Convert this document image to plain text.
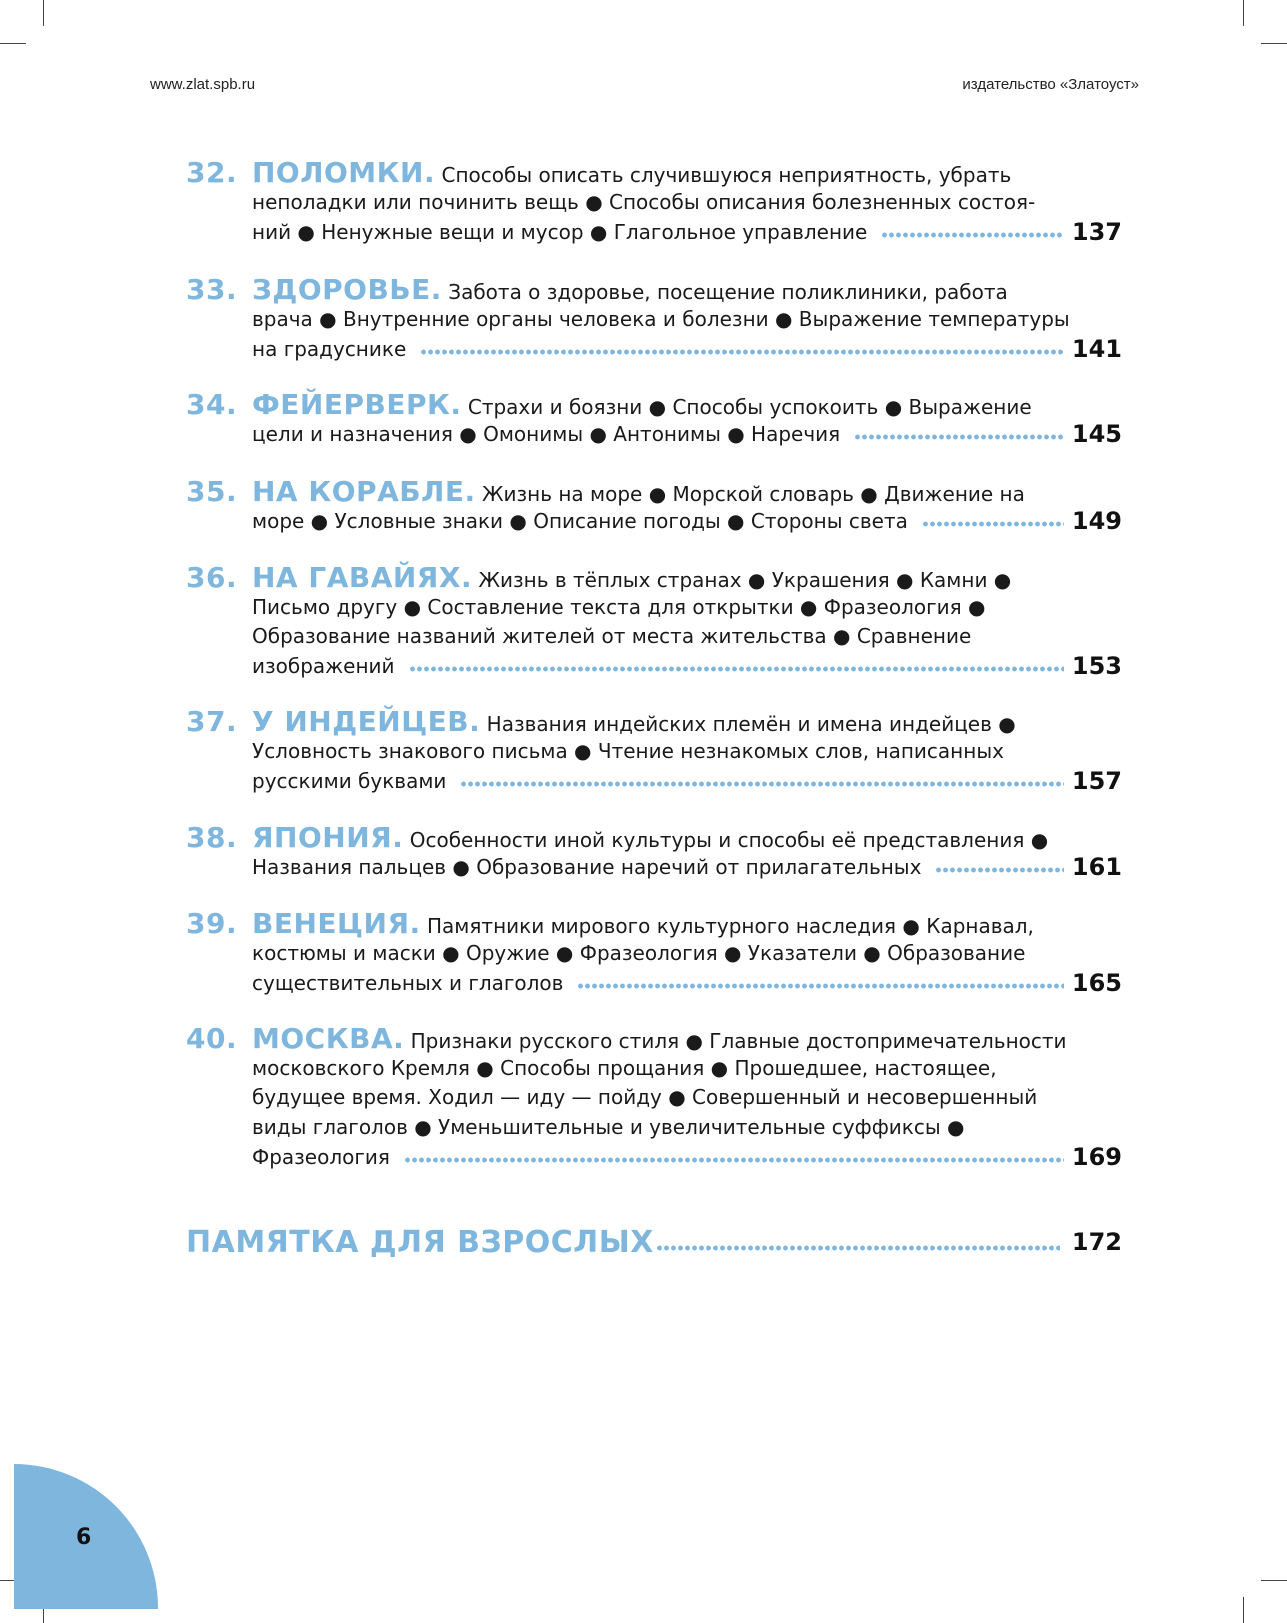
www.zlat.spb.ru	издательство «Златоуст»
32. ПОЛОМКИ. Способы описать случившуюся неприятность, убрать
неполадки или починить вещь ● Способы описания болезненных состоя-
ний ● Ненужные вещи и мусор ● Глагольное управление	137
33. ЗДОРОВЬЕ. Забота о здоровье, посещение поликлиники, работа
врача ● Внутренние органы человека и болезни ● Выражение температуры
на градуснике	141
34. ФЕЙЕРВЕРК. Страхи и боязни ● Способы успокоить ● Выражение
цели и назначения ● Омонимы ● Антонимы ● Наречия	145
35. НА КОРАБЛЕ. Жизнь на море ● Морской словарь ● Движение на
море ● Условные знаки ● Описание погоды ● Стороны света	149
36. НА ГАВАЙЯХ. Жизнь в тёплых странах ● Украшения ● Камни ●
Письмо другу ● Составление текста для открытки ● Фразеология ●
Образование названий жителей от места жительства ● Сравнение
изображений	153
37. У ИНДЕЙЦЕВ. Названия индейских племён и имена индейцев ●
Условность знакового письма ● Чтение незнакомых слов, написанных
русскими буквами	157
38. ЯПОНИЯ. Особенности иной культуры и способы её представления ●
Названия пальцев ● Образование наречий от прилагательных	161
39. ВЕНЕЦИЯ. Памятники мирового культурного наследия ● Карнавал,
костюмы и маски ● Оружие ● Фразеология ● Указатели ● Образование
существительных и глаголов	165
40. МОСКВА. Признаки русского стиля ● Главные достопримечательности
московского Кремля ● Способы прощания ● Прошедшее, настоящее,
будущее время. Ходил — иду — пойду ● Совершенный и несовершенный
виды глаголов ● Уменьшительные и увеличительные суффиксы ●
Фразеология	169
ПАМЯТКА ДЛЯ ВЗРОСЛЫХ	172
6
